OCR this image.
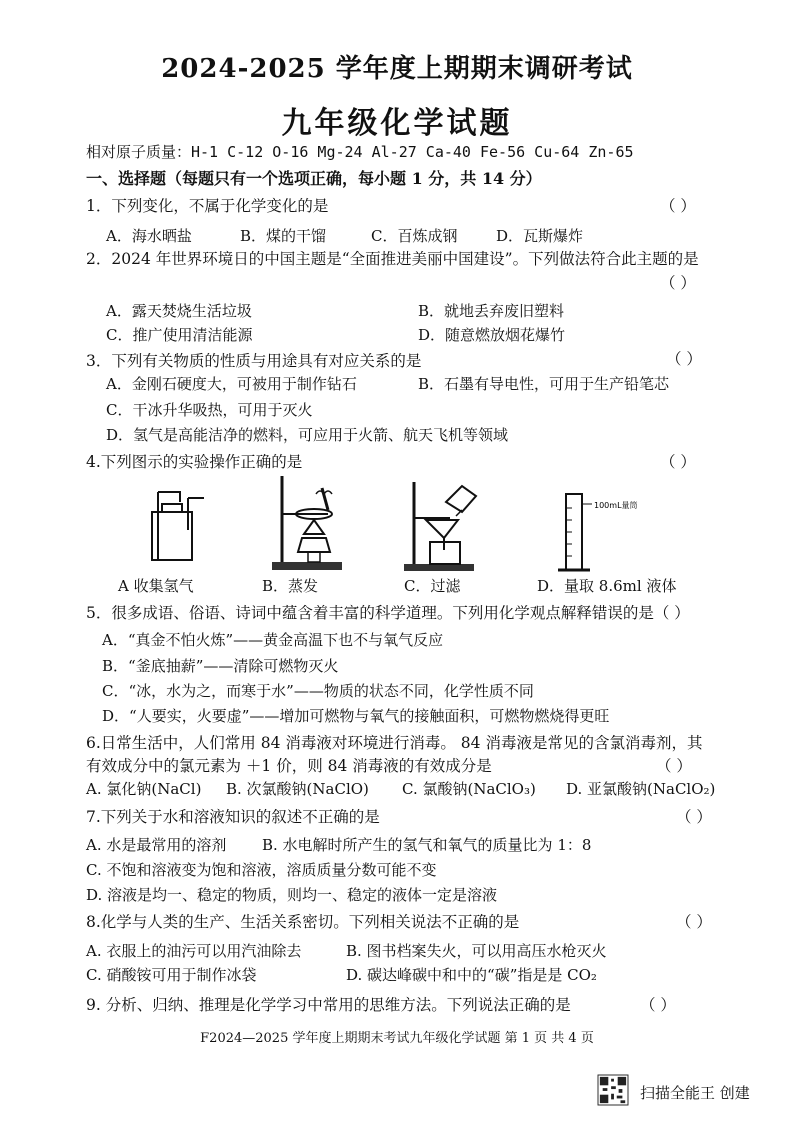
2024-2025 学年度上期期末调研考试
九年级化学试题
相对原子质量：H-1 C-12 O-16 Mg-24 Al-27 Ca-40 Fe-56 Cu-64 Zn-65
一、选择题（每题只有一个选项正确，每小题 1 分，共 14 分）
1．下列变化，不属于化学变化的是	（ ）
A．海水晒盐	B．煤的干馏	C．百炼成钢	D．瓦斯爆炸
2．2024 年世界环境日的中国主题是“全面推进美丽中国建设”。下列做法符合此主题的是
（ ）
A．露天焚烧生活垃圾	B．就地丢弃废旧塑料
C．推广使用清洁能源	D．随意燃放烟花爆竹
3．下列有关物质的性质与用途具有对应关系的是	（ ）
A．金刚石硬度大，可被用于制作钻石	B．石墨有导电性，可用于生产铅笔芯
C．干冰升华吸热，可用于灭火
D．氢气是高能洁净的燃料，可应用于火箭、航天飞机等领域
4.下列图示的实验操作正确的是	（ ）
100mL量筒
A 收集氢气	B．蒸发	C．过滤	D．量取 8.6ml 液体
5．很多成语、俗语、诗词中蕴含着丰富的科学道理。下列用化学观点解释错误的是（ ）
A．“真金不怕火炼”——黄金高温下也不与氧气反应
B．“釜底抽薪”——清除可燃物灭火
C．“冰，水为之，而寒于水”——物质的状态不同，化学性质不同
D．“人要实，火要虚”——增加可燃物与氧气的接触面积，可燃物燃烧得更旺
6.日常生活中，人们常用 84 消毒液对环境进行消毒。 84 消毒液是常见的含氯消毒剂，其
有效成分中的氯元素为 ＋1 价，则 84 消毒液的有效成分是	（ ）
A. 氯化钠(NaCl) B. 次氯酸钠(NaClO) C. 氯酸钠(NaClO₃) D. 亚氯酸钠(NaClO₂)
7.下列关于水和溶液知识的叙述不正确的是	（ ）
A. 水是最常用的溶剂 B. 水电解时所产生的氢气和氧气的质量比为 1：8
C. 不饱和溶液变为饱和溶液，溶质质量分数可能不变
D. 溶液是均一、稳定的物质，则均一、稳定的液体一定是溶液
8.化学与人类的生产、生活关系密切。下列相关说法不正确的是	（ ）
A. 衣服上的油污可以用汽油除去	B. 图书档案失火，可以用高压水枪灭火
C. 硝酸铵可用于制作冰袋	D. 碳达峰碳中和中的“碳”指是是 CO₂
9. 分析、归纳、推理是化学学习中常用的思维方法。下列说法正确的是	（ ）
F2024—2025 学年度上期期末考试九年级化学试题 第 1 页 共 4 页
扫描全能王 创建
